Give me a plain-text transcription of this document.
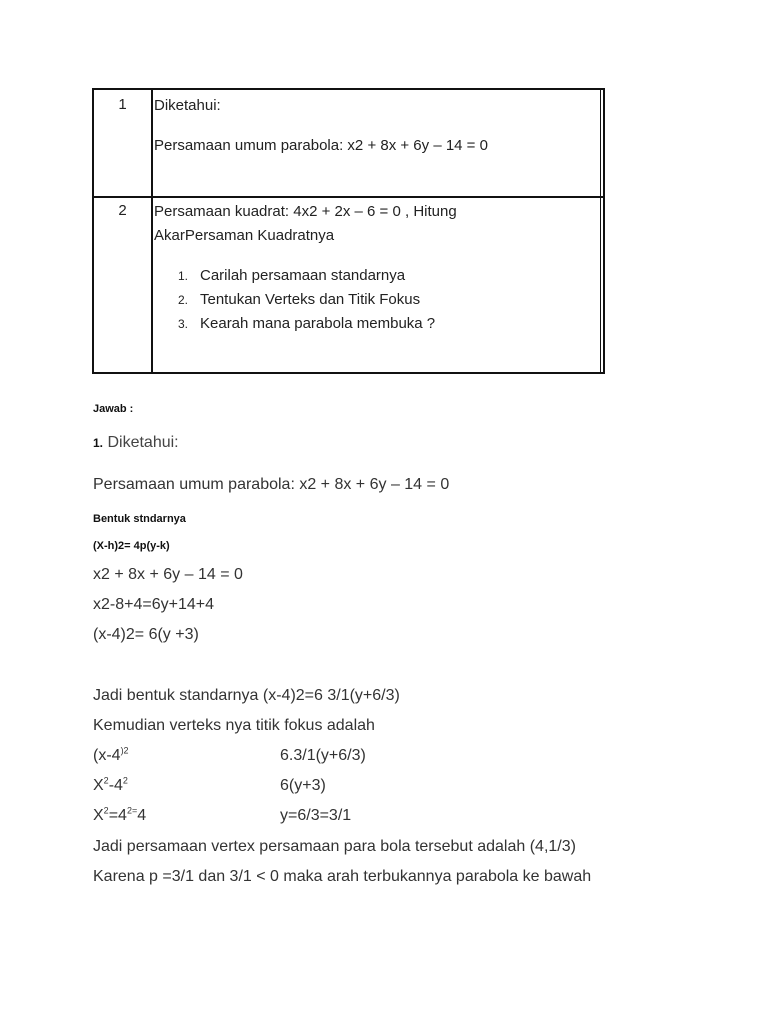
1	Diketahui:
Persamaan umum parabola: x2 + 8x + 6y – 14 = 0
2	Persamaan kuadrat: 4x2 + 2x – 6 = 0 , Hitung
AkarPersaman Kuadratnya
1. Carilah persamaan standarnya
2. Tentukan Verteks dan Titik Fokus
3. Kearah mana parabola membuka ?
Jawab :
1. Diketahui:
Persamaan umum parabola: x2 + 8x + 6y – 14 = 0
Bentuk stndarnya
(X-h)2= 4p(y-k)
x2 + 8x + 6y – 14 = 0
x2-8+4=6y+14+4
(x-4)2= 6(y +3)
Jadi bentuk standarnya (x-4)2=6 3/1(y+6/3)
Kemudian verteks nya titik fokus adalah
($x-4^{)2}$
$X^2-4^2$
$X^2=4^{2=}4$
6.3/1(y+6/3)
6(y+3)
y=6/3=3/1
Jadi persamaan vertex persamaan para bola tersebut adalah (4,1/3)
Karena p =3/1 dan 3/1 < 0 maka arah terbukannya parabola ke bawah
